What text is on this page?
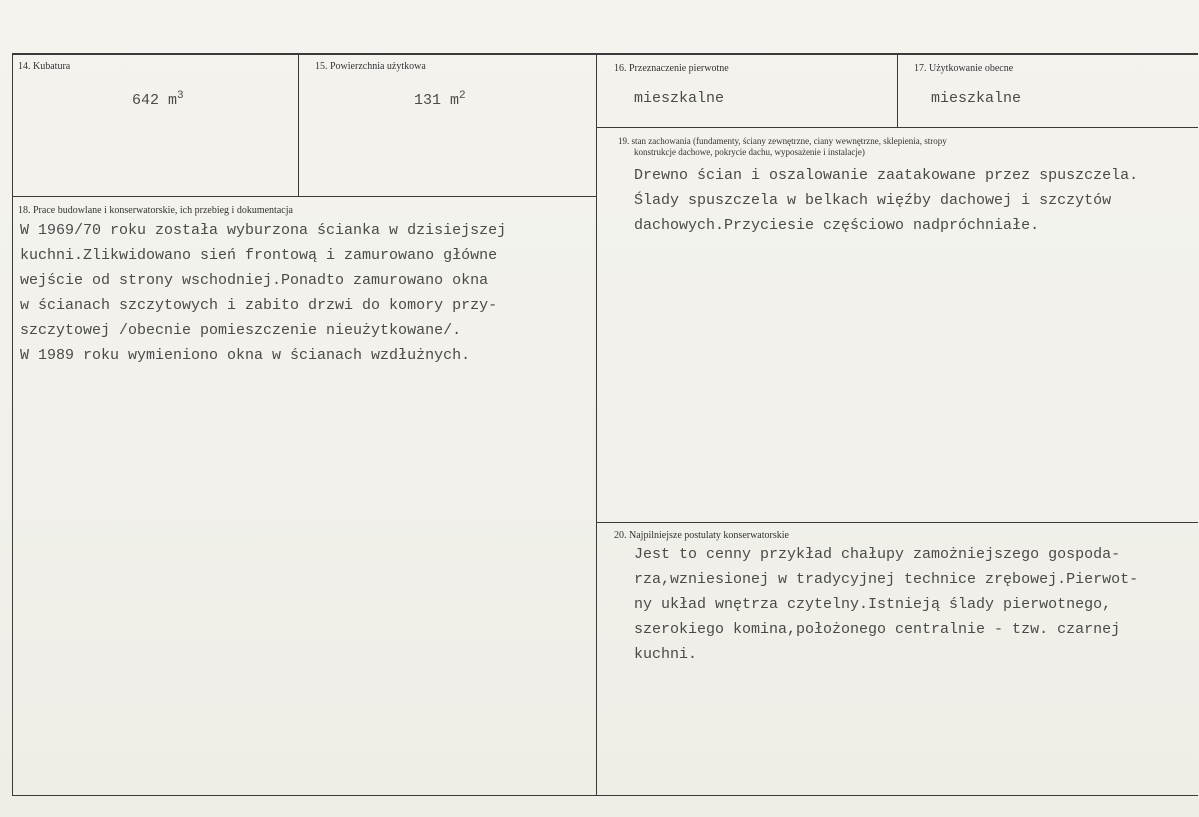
14. Kubatura
642 $m^3$
15. Powierzchnia użytkowa
131 $m^2$
16. Przeznaczenie pierwotne
mieszkalne
17. Użytkowanie obecne
mieszkalne
19. stan zachowania (fundamenty, ściany zewnętrzne, ciany wewnętrzne, sklepienia, stropy
konstrukcje dachowe, pokrycie dachu, wyposażenie i instalacje)
Drewno ścian i oszalowanie zaatakowane przez spuszczela.
Ślady spuszczela w belkach więźby dachowej i szczytów
dachowych.Przyciesie częściowo nadpróchniałe.
18. Prace budowlane i konserwatorskie, ich przebieg i dokumentacja
W 1969/70 roku została wyburzona ścianka w dzisiejszej
kuchni.Zlikwidowano sień frontową i zamurowano główne
wejście od strony wschodniej.Ponadto zamurowano okna
w ścianach szczytowych i zabito drzwi do komory przy-
szczytowej /obecnie pomieszczenie nieużytkowane/.
W 1989 roku wymieniono okna w ścianach wzdłużnych.
20. Najpilniejsze postulaty konserwatorskie
Jest to cenny przykład chałupy zamożniejszego gospoda-
rza,wzniesionej w tradycyjnej technice zrębowej.Pierwot-
ny układ wnętrza czytelny.Istnieją ślady pierwotnego,
szerokiego komina,położonego centralnie - tzw. czarnej
kuchni.
